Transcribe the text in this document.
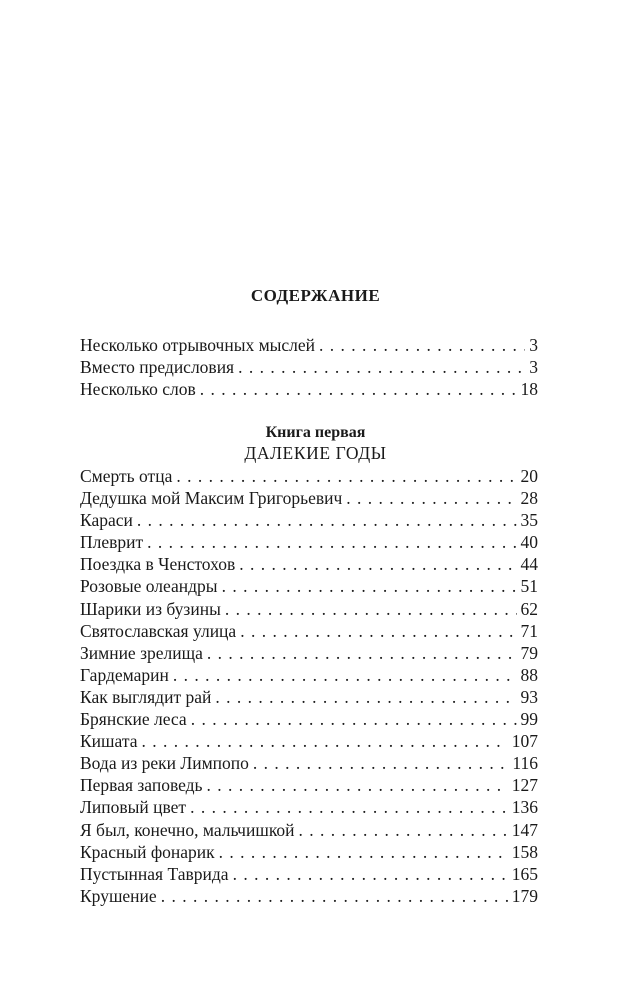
СОДЕРЖАНИЕ
Несколько отрывочных мыслей . . .	3
Вместо предисловия . . .	3
Несколько слов . . .	18
Книга первая
ДАЛЕКИЕ ГОДЫ
Смерть отца . . .	20
Дедушка мой Максим Григорьевич . . .	28
Караси . . .	35
Плеврит . . .	40
Поездка в Ченстохов . . .	44
Розовые олеандры . . .	51
Шарики из бузины . . .	62
Святославская улица . . .	71
Зимние зрелища . . .	79
Гардемарин . . .	88
Как выглядит рай . . .	93
Брянские леса . . .	99
Кишата . . .	107
Вода из реки Лимпопо . . .	116
Первая заповедь . . .	127
Липовый цвет . . .	136
Я был, конечно, мальчишкой . . .	147
Красный фонарик . . .	158
Пустынная Таврида . . .	165
Крушение . . .	179
